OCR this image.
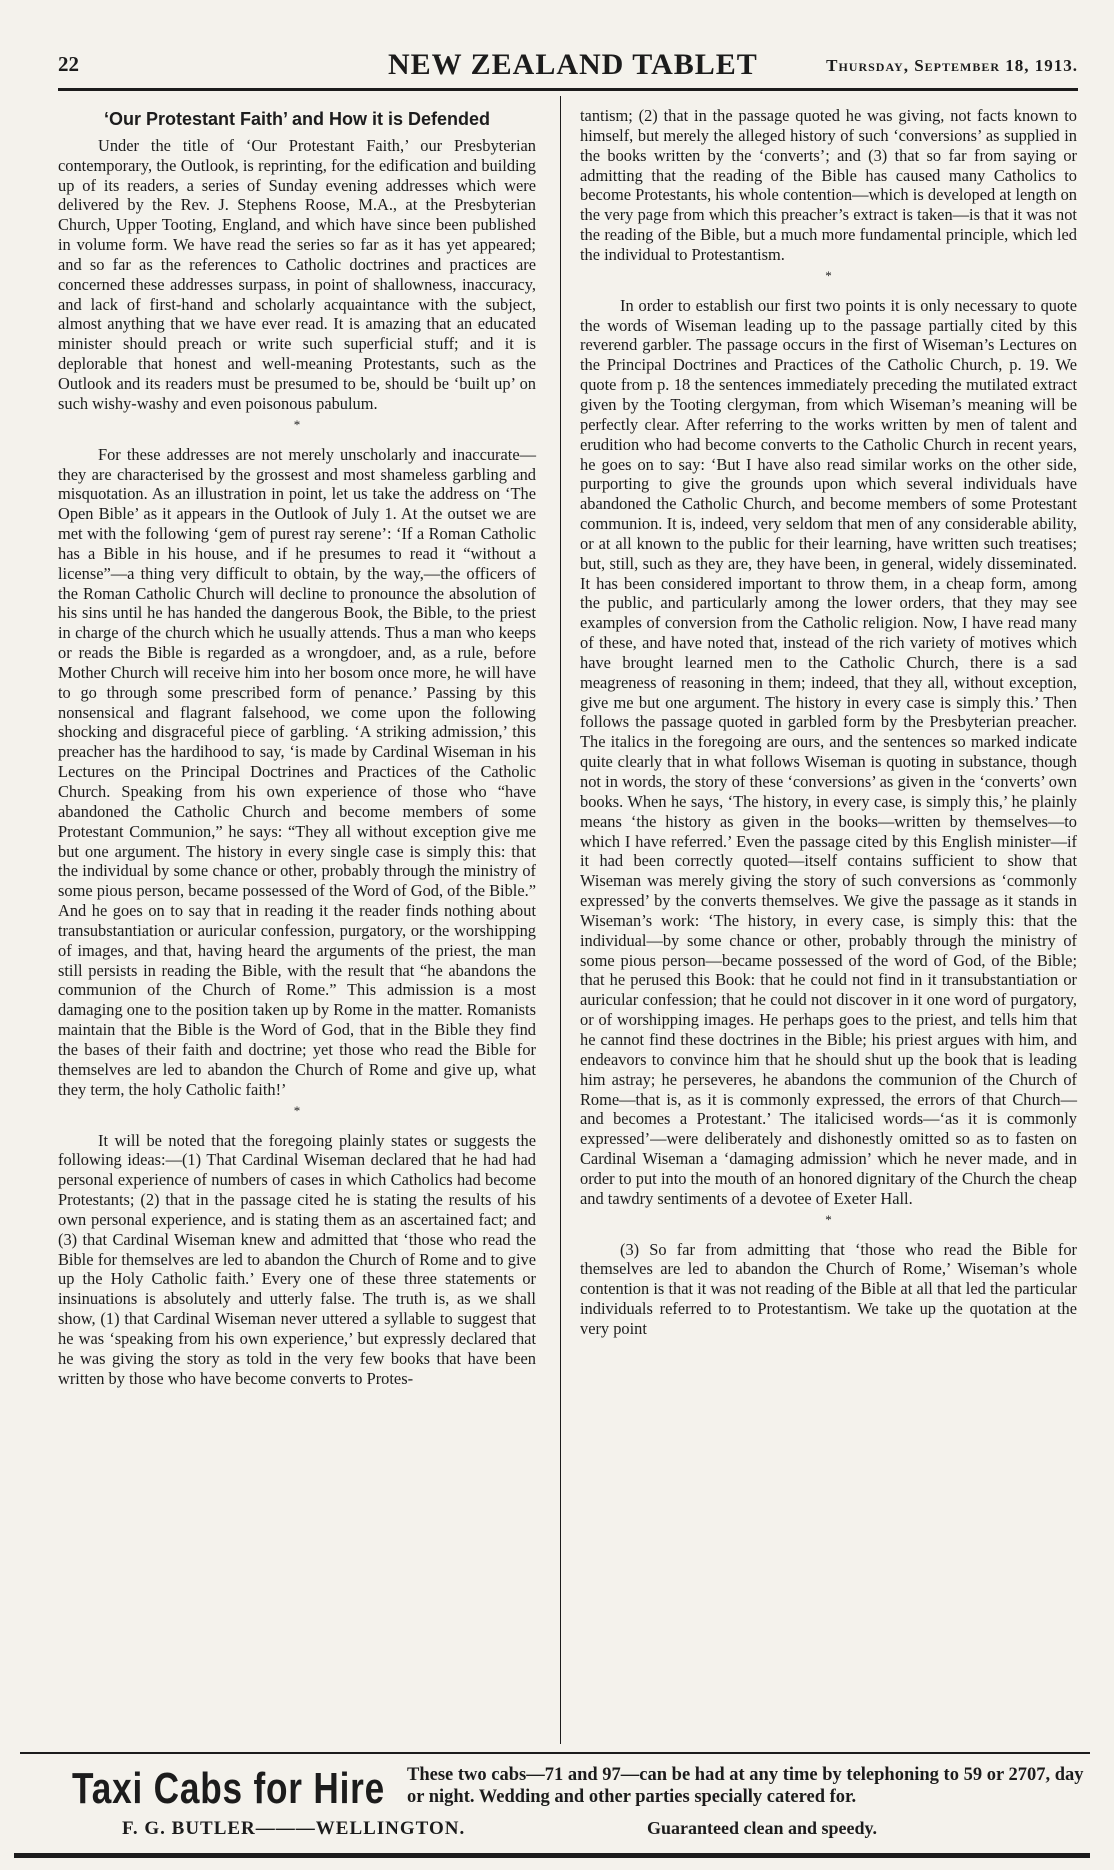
22	NEW ZEALAND TABLET	Thursday, September 18, 1913.
‘Our Protestant Faith’ and How it is Defended

Under the title of ‘Our Protestant Faith,’ our Presbyterian contemporary, the Outlook, is reprinting, for the edification and building up of its readers, a series of Sunday evening addresses which were delivered by the Rev. J. Stephens Roose, M.A., at the Presbyterian Church, Upper Tooting, England, and which have since been published in volume form. We have read the series so far as it has yet appeared; and so far as the references to Catholic doctrines and practices are concerned these addresses surpass, in point of shallowness, inaccuracy, and lack of first-hand and scholarly acquaintance with the subject, almost anything that we have ever read. It is amazing that an educated minister should preach or write such superficial stuff; and it is deplorable that honest and well-meaning Protestants, such as the Outlook and its readers must be presumed to be, should be ‘built up’ on such wishy-washy and even poisonous pabulum.

*

For these addresses are not merely unscholarly and inaccurate—they are characterised by the grossest and most shameless garbling and misquotation. As an illustration in point, let us take the address on ‘The Open Bible’ as it appears in the Outlook of July 1. At the outset we are met with the following ‘gem of purest ray serene’: ‘If a Roman Catholic has a Bible in his house, and if he presumes to read it “without a license”—a thing very difficult to obtain, by the way,—the officers of the Roman Catholic Church will decline to pronounce the absolution of his sins until he has handed the dangerous Book, the Bible, to the priest in charge of the church which he usually attends. Thus a man who keeps or reads the Bible is regarded as a wrongdoer, and, as a rule, before Mother Church will receive him into her bosom once more, he will have to go through some prescribed form of penance.’ Passing by this nonsensical and flagrant falsehood, we come upon the following shocking and disgraceful piece of garbling. ‘A striking admission,’ this preacher has the hardihood to say, ‘is made by Cardinal Wiseman in his Lectures on the Principal Doctrines and Practices of the Catholic Church. Speaking from his own experience of those who “have abandoned the Catholic Church and become members of some Protestant Communion,” he says: “They all without exception give me but one argument. The history in every single case is simply this: that the individual by some chance or other, probably through the ministry of some pious person, became possessed of the Word of God, of the Bible.” And he goes on to say that in reading it the reader finds nothing about transubstantiation or auricular confession, purgatory, or the worshipping of images, and that, having heard the arguments of the priest, the man still persists in reading the Bible, with the result that “he abandons the communion of the Church of Rome.” This admission is a most damaging one to the position taken up by Rome in the matter. Romanists maintain that the Bible is the Word of God, that in the Bible they find the bases of their faith and doctrine; yet those who read the Bible for themselves are led to abandon the Church of Rome and give up, what they term, the holy Catholic faith!’

*

It will be noted that the foregoing plainly states or suggests the following ideas:—(1) That Cardinal Wiseman declared that he had had personal experience of numbers of cases in which Catholics had become Protestants; (2) that in the passage cited he is stating the results of his own personal experience, and is stating them as an ascertained fact; and (3) that Cardinal Wiseman knew and admitted that ‘those who read the Bible for themselves are led to abandon the Church of Rome and to give up the Holy Catholic faith.’ Every one of these three statements or insinuations is absolutely and utterly false. The truth is, as we shall show, (1) that Cardinal Wiseman never uttered a syllable to suggest that he was ‘speaking from his own experience,’ but expressly declared that he was giving the story as told in the very few books that have been written by those who have become converts to Protes-

tantism; (2) that in the passage quoted he was giving, not facts known to himself, but merely the alleged history of such ‘conversions’ as supplied in the books written by the ‘converts’; and (3) that so far from saying or admitting that the reading of the Bible has caused many Catholics to become Protestants, his whole contention—which is developed at length on the very page from which this preacher’s extract is taken—is that it was not the reading of the Bible, but a much more fundamental principle, which led the individual to Protestantism.

*

In order to establish our first two points it is only necessary to quote the words of Wiseman leading up to the passage partially cited by this reverend garbler. The passage occurs in the first of Wiseman’s Lectures on the Principal Doctrines and Practices of the Catholic Church, p. 19. We quote from p. 18 the sentences immediately preceding the mutilated extract given by the Tooting clergyman, from which Wiseman’s meaning will be perfectly clear. After referring to the works written by men of talent and erudition who had become converts to the Catholic Church in recent years, he goes on to say: ‘But I have also read similar works on the other side, purporting to give the grounds upon which several individuals have abandoned the Catholic Church, and become members of some Protestant communion. It is, indeed, very seldom that men of any considerable ability, or at all known to the public for their learning, have written such treatises; but, still, such as they are, they have been, in general, widely disseminated. It has been considered important to throw them, in a cheap form, among the public, and particularly among the lower orders, that they may see examples of conversion from the Catholic religion. Now, I have read many of these, and have noted that, instead of the rich variety of motives which have brought learned men to the Catholic Church, there is a sad meagreness of reasoning in them; indeed, that they all, without exception, give me but one argument. The history in every case is simply this.’ Then follows the passage quoted in garbled form by the Presbyterian preacher. The italics in the foregoing are ours, and the sentences so marked indicate quite clearly that in what follows Wiseman is quoting in substance, though not in words, the story of these ‘conversions’ as given in the ‘converts’ own books. When he says, ‘The history, in every case, is simply this,’ he plainly means ‘the history as given in the books—written by themselves—to which I have referred.’ Even the passage cited by this English minister—if it had been correctly quoted—itself contains sufficient to show that Wiseman was merely giving the story of such conversions as ‘commonly expressed’ by the converts themselves. We give the passage as it stands in Wiseman’s work: ‘The history, in every case, is simply this: that the individual—by some chance or other, probably through the ministry of some pious person—became possessed of the word of God, of the Bible; that he perused this Book: that he could not find in it transubstantiation or auricular confession; that he could not discover in it one word of purgatory, or of worshipping images. He perhaps goes to the priest, and tells him that he cannot find these doctrines in the Bible; his priest argues with him, and endeavors to convince him that he should shut up the book that is leading him astray; he perseveres, he abandons the communion of the Church of Rome—that is, as it is commonly expressed, the errors of that Church—and becomes a Protestant.’ The italicised words—‘as it is commonly expressed’—were deliberately and dishonestly omitted so as to fasten on Cardinal Wiseman a ‘damaging admission’ which he never made, and in order to put into the mouth of an honored dignitary of the Church the cheap and tawdry sentiments of a devotee of Exeter Hall.

*

(3) So far from admitting that ‘those who read the Bible for themselves are led to abandon the Church of Rome,’ Wiseman’s whole contention is that it was not reading of the Bible at all that led the particular individuals referred to to Protestantism. We take up the quotation at the very point

Taxi Cabs for Hire
F. G. BUTLER———WELLINGTON.
These two cabs—71 and 97—can be had at any time by telephoning to 59 or 2707, day or night. Wedding and other parties specially catered for.
Guaranteed clean and speedy.
